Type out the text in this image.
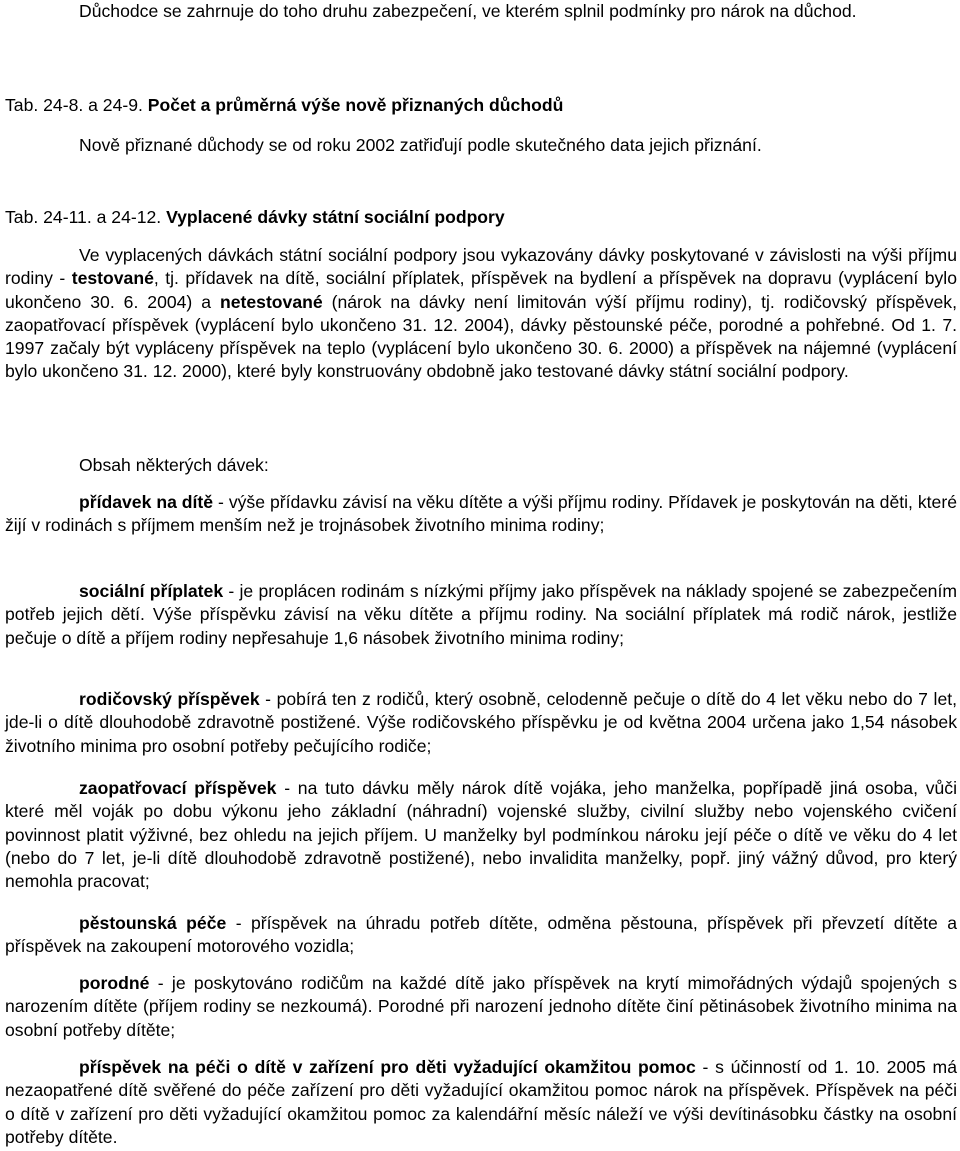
Důchodce se zahrnuje do toho druhu zabezpečení, ve kterém splnil podmínky pro nárok na důchod.

Tab. 24-8. a 24-9. Počet a průměrná výše nově přiznaných důchodů

Nově přiznané důchody se od roku 2002 zatřiďují podle skutečného data jejich přiznání.

Tab. 24-11. a 24-12. Vyplacené dávky státní sociální podpory

Ve vyplacených dávkách státní sociální podpory jsou vykazovány dávky poskytované v závislosti na výši příjmu rodiny - testované, tj. přídavek na dítě, sociální příplatek, příspěvek na bydlení a příspěvek na dopravu (vyplácení bylo ukončeno 30. 6. 2004) a netestované (nárok na dávky není limitován výší příjmu rodiny), tj. rodičovský příspěvek, zaopatřovací příspěvek (vyplácení bylo ukončeno 31. 12. 2004), dávky pěstounské péče, porodné a pohřebné. Od 1. 7. 1997 začaly být vypláceny příspěvek na teplo (vyplácení bylo ukončeno 30. 6. 2000) a příspěvek na nájemné (vyplácení bylo ukončeno 31. 12. 2000), které byly konstruovány obdobně jako testované dávky státní sociální podpory.

Obsah některých dávek:

přídavek na dítě - výše přídavku závisí na věku dítěte a výši příjmu rodiny. Přídavek je poskytován na děti, které žijí v rodinách s příjmem menším než je trojnásobek životního minima rodiny;

sociální příplatek - je proplácen rodinám s nízkými příjmy jako příspěvek na náklady spojené se zabezpečením potřeb jejich dětí. Výše příspěvku závisí na věku dítěte a příjmu rodiny. Na sociální příplatek má rodič nárok, jestliže pečuje o dítě a příjem rodiny nepřesahuje 1,6 násobek životního minima rodiny;

rodičovský příspěvek - pobírá ten z rodičů, který osobně, celodenně pečuje o dítě do 4 let věku nebo do 7 let, jde-li o dítě dlouhodobě zdravotně postižené. Výše rodičovského příspěvku je od května 2004 určena jako 1,54 násobek životního minima pro osobní potřeby pečujícího rodiče;

zaopatřovací příspěvek - na tuto dávku měly nárok dítě vojáka, jeho manželka, popřípadě jiná osoba, vůči které měl voják po dobu výkonu jeho základní (náhradní) vojenské služby, civilní služby nebo vojenského cvičení povinnost platit výživné, bez ohledu na jejich příjem. U manželky byl podmínkou nároku její péče o dítě ve věku do 4 let (nebo do 7 let, je-li dítě dlouhodobě zdravotně postižené), nebo invalidita manželky, popř. jiný vážný důvod, pro který nemohla pracovat;

pěstounská péče - příspěvek na úhradu potřeb dítěte, odměna pěstouna, příspěvek při převzetí dítěte a příspěvek na zakoupení motorového vozidla;

porodné - je poskytováno rodičům na každé dítě jako příspěvek na krytí mimořádných výdajů spojených s narozením dítěte (příjem rodiny se nezkoumá). Porodné při narození jednoho dítěte činí pětinásobek životního minima na osobní potřeby dítěte;

příspěvek na péči o dítě v zařízení pro děti vyžadující okamžitou pomoc - s účinností od 1. 10. 2005 má nezaopatřené dítě svěřené do péče zařízení pro děti vyžadující okamžitou pomoc nárok na příspěvek. Příspěvek na péči o dítě v zařízení pro děti vyžadující okamžitou pomoc za kalendářní měsíc náleží ve výši devítinásobku částky na osobní potřeby dítěte.
